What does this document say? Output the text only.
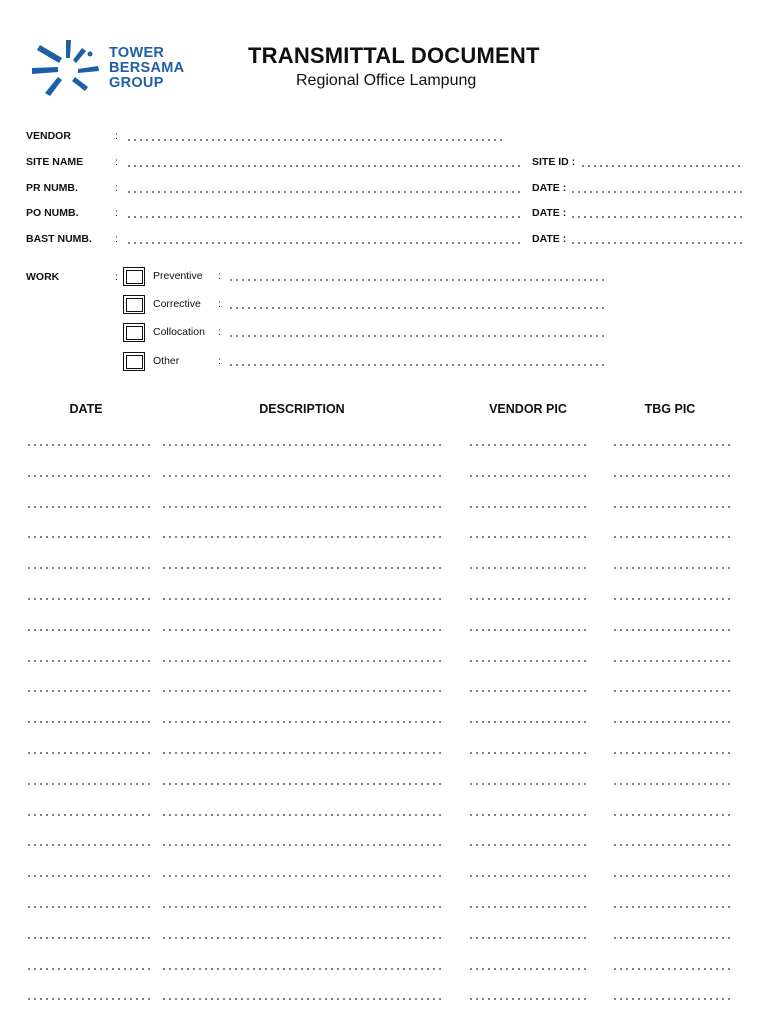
TOWER
BERSAMA
GROUP
TRANSMITTAL DOCUMENT
Regional Office Lampung
VENDOR	:
SITE NAME	:	SITE ID :
PR NUMB.	:	DATE :
PO NUMB.	:	DATE :
BAST NUMB. :	DATE :
WORK	:	Preventive :
Corrective :
Collocation :
Other	:
DATE	DESCRIPTION	VENDOR PIC	TBG PIC
